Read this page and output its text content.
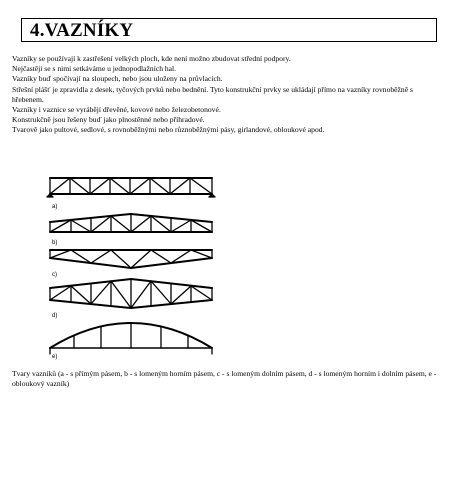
4.VAZNÍKY

Vazníky se používají k zastřešení velkých ploch, kde není možno zbudovat střední podpory.

Nejčastěji se s nimi setkáváme u jednopodlažních hal.

Vazníky buď spočívají na sloupech, nebo jsou uloženy na průvlacích.

Střešní plášť je zpravidla z desek, tyčových prvků nebo bednění. Tyto konstrukční prvky se ukládají přímo na vazníky rovnoběžně s hřebenem.

Vazníky i vaznice se vyrábějí dřevěné, kovové nebo železobetonové.

Konstrukčně jsou řešeny buď jako plnostěnné nebo příhradové.

Tvarově jako pultové, sedlové, s rovnoběžnými nebo různoběžnými pásy, girlandové, obloukové apod.

a)
b)
c)
d)
e)
Tvary vazníků (a - s přímým pásem, b - s lomeným horním pásem, c - s lomeným dolním pásem, d - s lomeným horním i dolním pásem, e - obloukový vazník)
